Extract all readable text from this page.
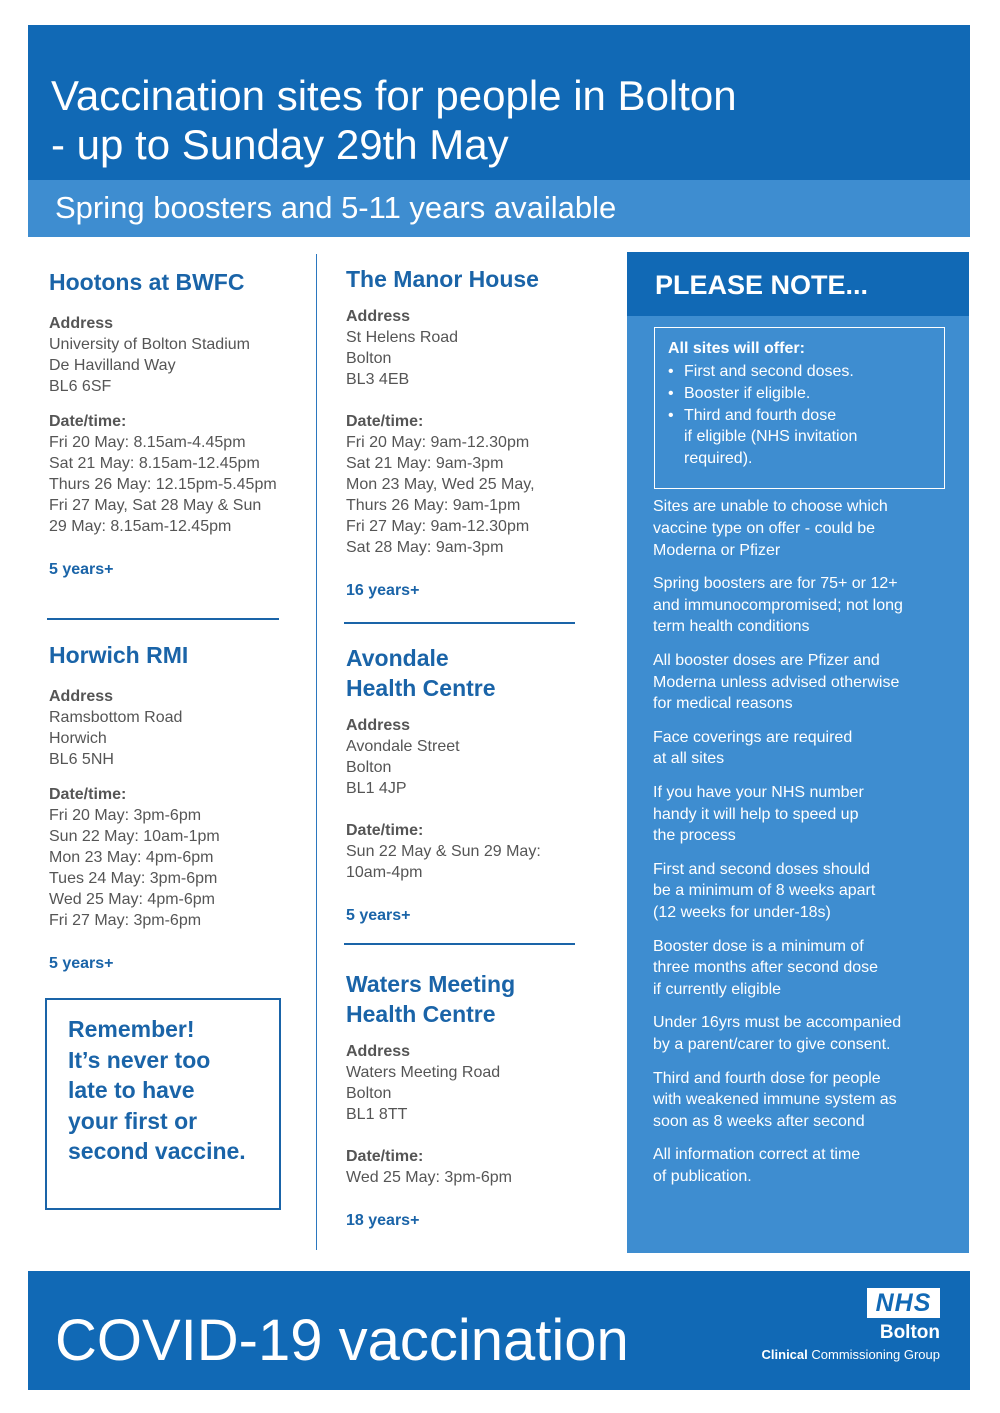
Vaccination sites for people in Bolton
- up to Sunday 29th May
Spring boosters and 5-11 years available
Hootons at BWFC
Address
University of Bolton Stadium
De Havilland Way
BL6 6SF
Date/time:
Fri 20 May: 8.15am-4.45pm
Sat 21 May: 8.15am-12.45pm
Thurs 26 May: 12.15pm-5.45pm
Fri 27 May, Sat 28 May & Sun
29 May: 8.15am-12.45pm
5 years+
Horwich RMI
Address
Ramsbottom Road
Horwich
BL6 5NH
Date/time:
Fri 20 May: 3pm-6pm
Sun 22 May: 10am-1pm
Mon 23 May: 4pm-6pm
Tues 24 May: 3pm-6pm
Wed 25 May: 4pm-6pm
Fri 27 May: 3pm-6pm
5 years+
Remember!
It’s never too
late to have
your first or
second vaccine.
The Manor House
Address
St Helens Road
Bolton
BL3 4EB
Date/time:
Fri 20 May: 9am-12.30pm
Sat 21 May: 9am-3pm
Mon 23 May, Wed 25 May,
Thurs 26 May: 9am-1pm
Fri 27 May: 9am-12.30pm
Sat 28 May: 9am-3pm
16 years+
Avondale
Health Centre
Address
Avondale Street
Bolton
BL1 4JP
Date/time:
Sun 22 May & Sun 29 May:
10am-4pm
5 years+
Waters Meeting
Health Centre
Address
Waters Meeting Road
Bolton
BL1 8TT
Date/time:
Wed 25 May: 3pm-6pm
18 years+
PLEASE NOTE...
All sites will offer:
• First and second doses.
• Booster if eligible.
• Third and fourth dose
if eligible (NHS invitation
required).

Sites are unable to choose which
vaccine type on offer - could be
Moderna or Pfizer

Spring boosters are for 75+ or 12+
and immunocompromised; not long
term health conditions

All booster doses are Pfizer and
Moderna unless advised otherwise
for medical reasons

Face coverings are required
at all sites

If you have your NHS number
handy it will help to speed up
the process

First and second doses should
be a minimum of 8 weeks apart
(12 weeks for under-18s)

Booster dose is a minimum of
three months after second dose
if currently eligible

Under 16yrs must be accompanied
by a parent/carer to give consent.

Third and fourth dose for people
with weakened immune system as
soon as 8 weeks after second

All information correct at time
of publication.

COVID-19 vaccination
NHS
Bolton
Clinical Commissioning Group
